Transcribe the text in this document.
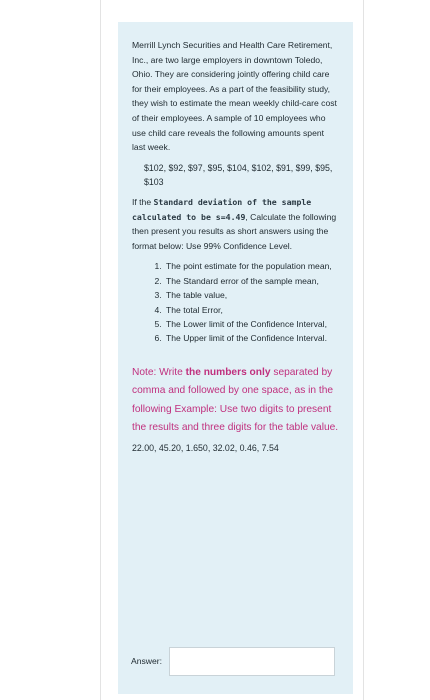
Merrill Lynch Securities and Health Care Retirement, Inc., are two large employers in downtown Toledo, Ohio. They are considering jointly offering child care for their employees. As a part of the feasibility study, they wish to estimate the mean weekly child-care cost of their employees. A sample of 10 employees who use child care reveals the following amounts spent last week.

$102, $92, $97, $95, $104, $102, $91, $99, $95, $103

If the Standard deviation of the sample calculated to be s=4.49, Calculate the following then present you results as short answers using the format below: Use 99% Confidence Level.

1. The point estimate for the population mean,
2. The Standard error of the sample mean,
3. The table value,
4. The total Error,
5. The Lower limit of the Confidence Interval,
6. The Upper limit of the Confidence Interval.

Note: Write the numbers only separated by comma and followed by one space, as in the following Example: Use two digits to present the results and three digits for the table value.

22.00, 45.20, 1.650, 32.02, 0.46, 7.54

Answer:
